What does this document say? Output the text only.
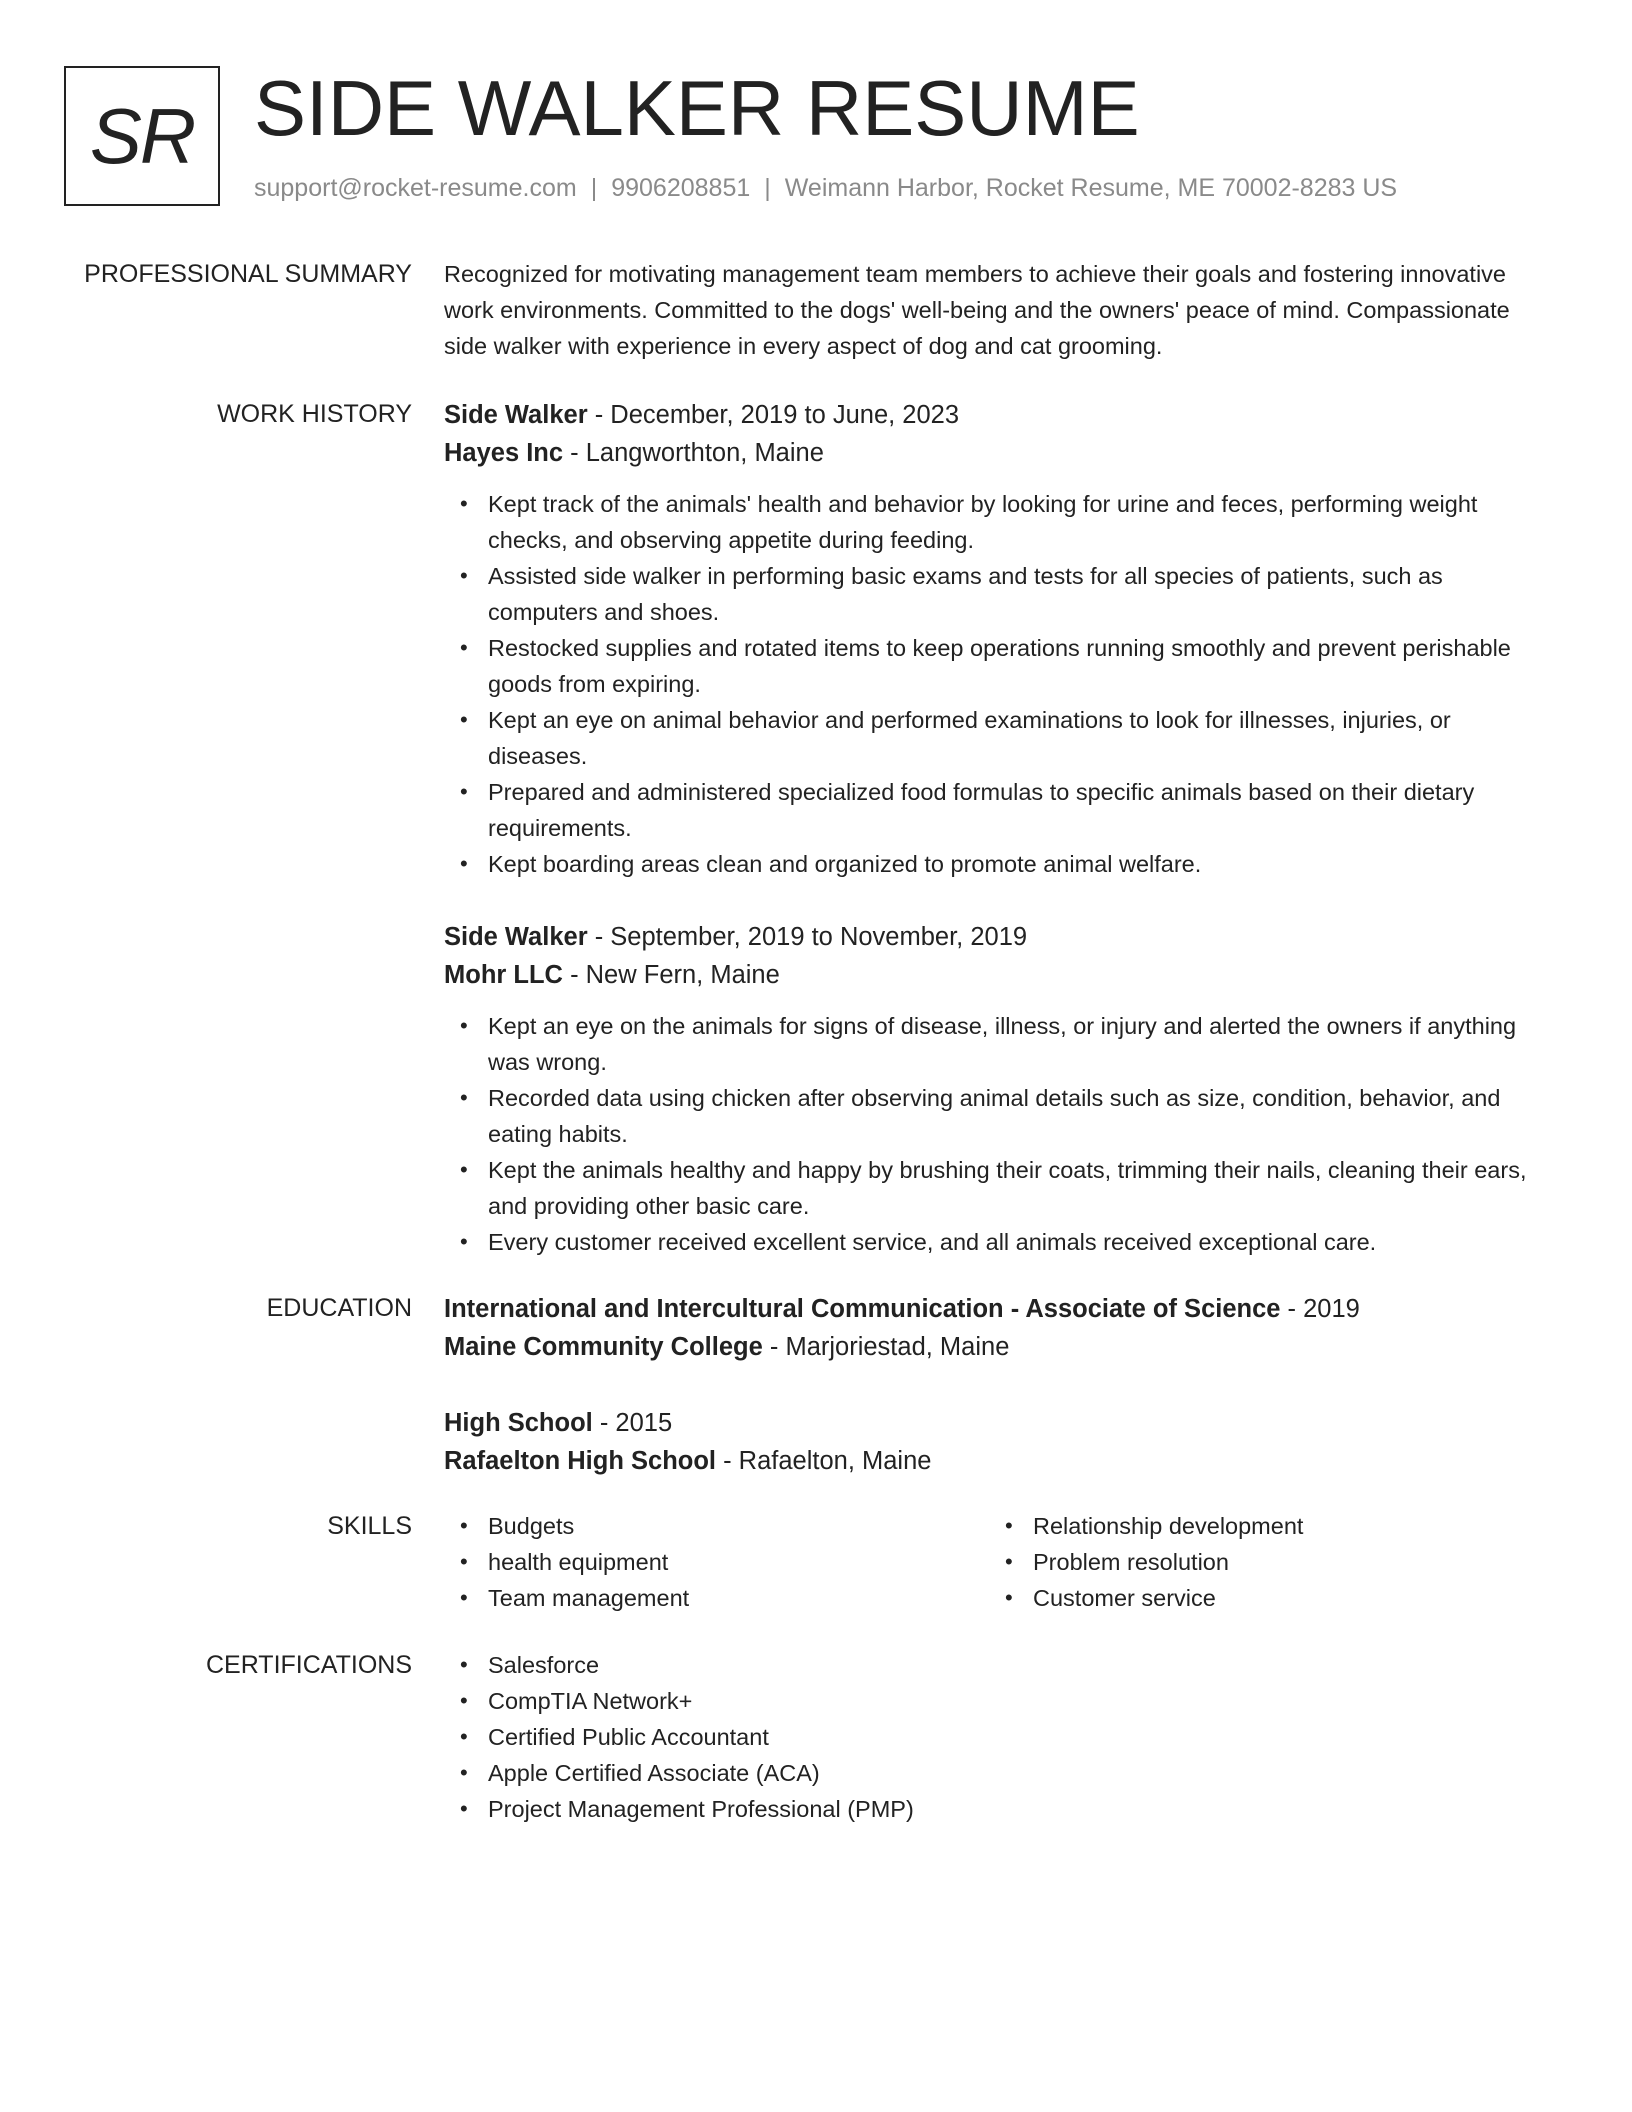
SR SIDE WALKER RESUME
support@rocket-resume.com | 9906208851 | Weimann Harbor, Rocket Resume, ME 70002-8283 US
PROFESSIONAL SUMMARY Recognized for motivating management team members to achieve their goals and fostering innovative work environments. Committed to the dogs' well-being and the owners' peace of mind. Compassionate side walker with experience in every aspect of dog and cat grooming.

WORK HISTORY Side Walker - December, 2019 to June, 2023
Hayes Inc - Langworthton, Maine
• Kept track of the animals' health and behavior by looking for urine and feces, performing weight checks, and observing appetite during feeding.
• Assisted side walker in performing basic exams and tests for all species of patients, such as computers and shoes.
• Restocked supplies and rotated items to keep operations running smoothly and prevent perishable goods from expiring.
• Kept an eye on animal behavior and performed examinations to look for illnesses, injuries, or diseases.
• Prepared and administered specialized food formulas to specific animals based on their dietary requirements.
• Kept boarding areas clean and organized to promote animal welfare.
Side Walker - September, 2019 to November, 2019
Mohr LLC - New Fern, Maine
• Kept an eye on the animals for signs of disease, illness, or injury and alerted the owners if anything was wrong.
• Recorded data using chicken after observing animal details such as size, condition, behavior, and eating habits.
• Kept the animals healthy and happy by brushing their coats, trimming their nails, cleaning their ears, and providing other basic care.
• Every customer received excellent service, and all animals received exceptional care.
EDUCATION International and Intercultural Communication - Associate of Science - 2019
Maine Community College - Marjoriestad, Maine
High School - 2015
Rafaelton High School - Rafaelton, Maine
SKILLS	• Budgets
• health equipment
• Team management
• Relationship development
• Problem resolution
• Customer service
CERTIFICATIONS	• Salesforce
• CompTIA Network+
• Certified Public Accountant
• Apple Certified Associate (ACA)
• Project Management Professional (PMP)
